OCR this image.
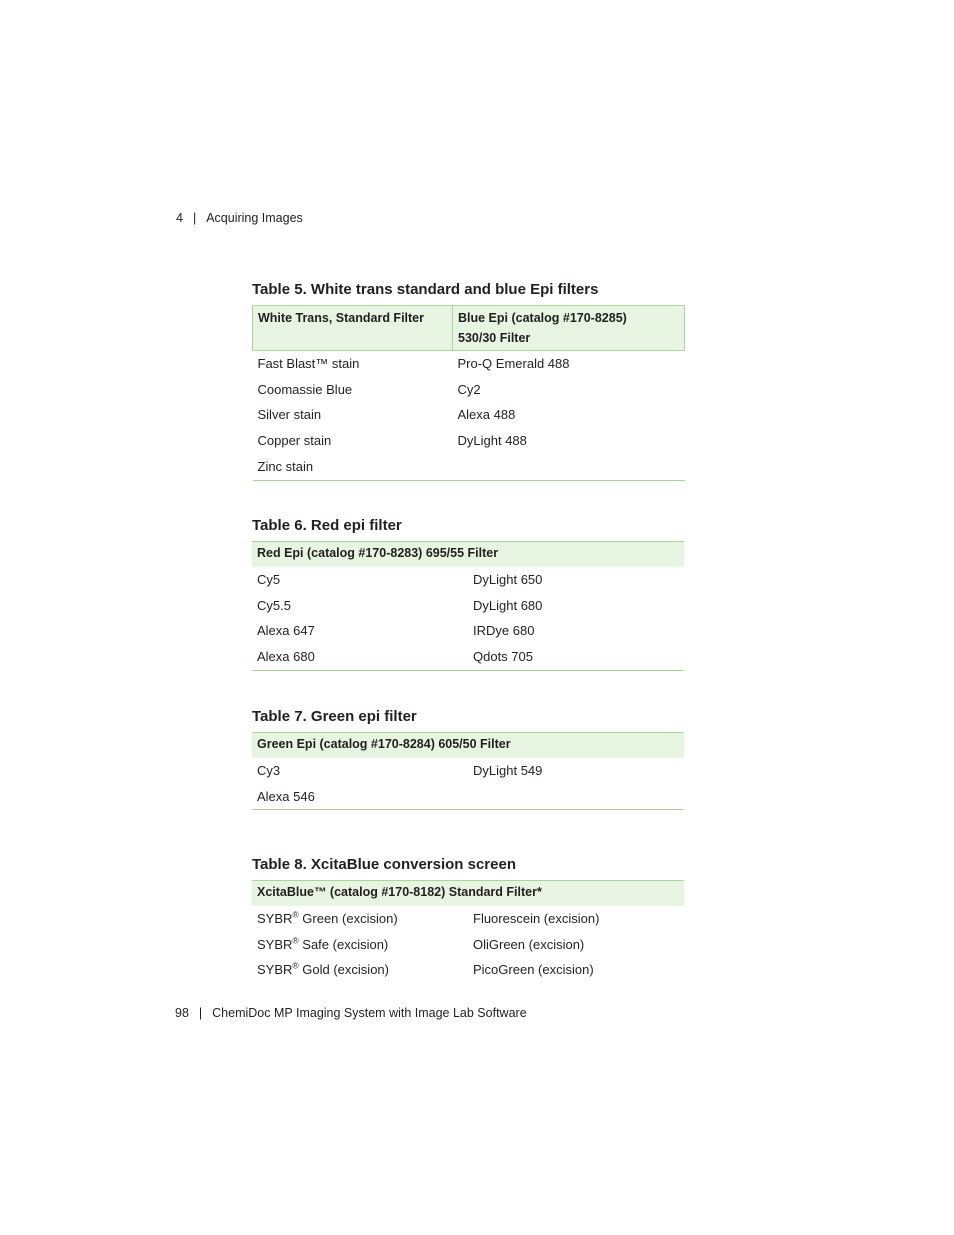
4 | Acquiring Images
Table 5. White trans standard and blue Epi filters
White Trans, Standard Filter	Blue Epi (catalog #170-8285)
530/30 Filter
Fast Blast™ stain	Pro-Q Emerald 488
Coomassie Blue	Cy2
Silver stain	Alexa 488
Copper stain	DyLight 488
Zinc stain	
Table 6. Red epi filter
Red Epi (catalog #170-8283) 695/55 Filter	
Cy5	DyLight 650
Cy5.5	DyLight 680
Alexa 647	IRDye 680
Alexa 680	Qdots 705
Table 7. Green epi filter
Green Epi (catalog #170-8284) 605/50 Filter	
Cy3	DyLight 549
Alexa 546	
Table 8. XcitaBlue conversion screen
XcitaBlue™ (catalog #170-8182) Standard Filter*	
SYBR® Green (excision)	Fluorescein (excision)
SYBR® Safe (excision)	OliGreen (excision)
SYBR® Gold (excision)	PicoGreen (excision)
98 | ChemiDoc MP Imaging System with Image Lab Software
